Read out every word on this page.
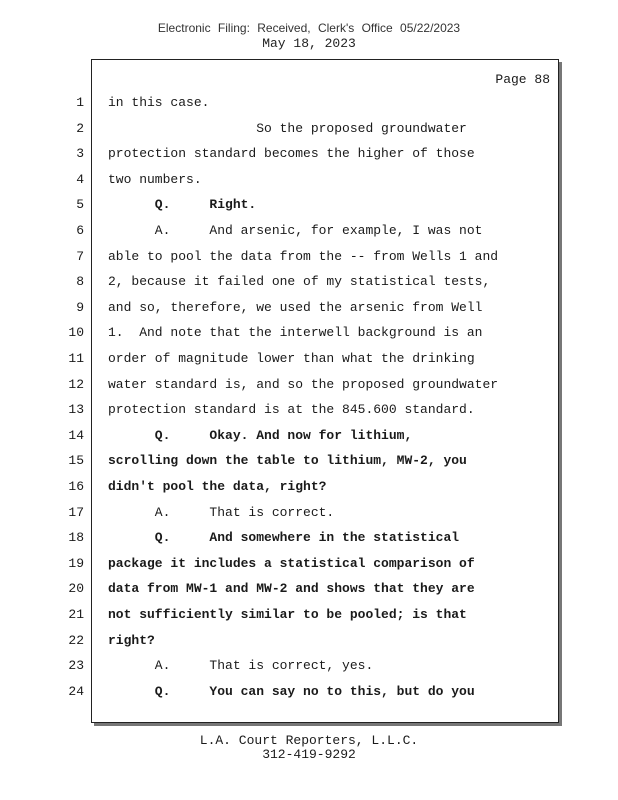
Electronic Filing: Received, Clerk's Office 05/22/2023
May 18, 2023
Page 88
1 in this case.
2 So the proposed groundwater
3 protection standard becomes the higher of those
4 two numbers.
5 Q.     Right.
6 A.     And arsenic, for example, I was not
7 able to pool the data from the -- from Wells 1 and
8 2, because it failed one of my statistical tests,
9 and so, therefore, we used the arsenic from Well
10 1.  And note that the interwell background is an
11 order of magnitude lower than what the drinking
12 water standard is, and so the proposed groundwater
13 protection standard is at the 845.600 standard.
14 Q.     Okay. And now for lithium,
15 scrolling down the table to lithium, MW-2, you
16 didn't pool the data, right?
17 A.     That is correct.
18 Q.     And somewhere in the statistical
19 package it includes a statistical comparison of
20 data from MW-1 and MW-2 and shows that they are
21 not sufficiently similar to be pooled; is that
22 right?
23 A.     That is correct, yes.
24 Q.     You can say no to this, but do you
L.A. Court Reporters, L.L.C.
312-419-9292
